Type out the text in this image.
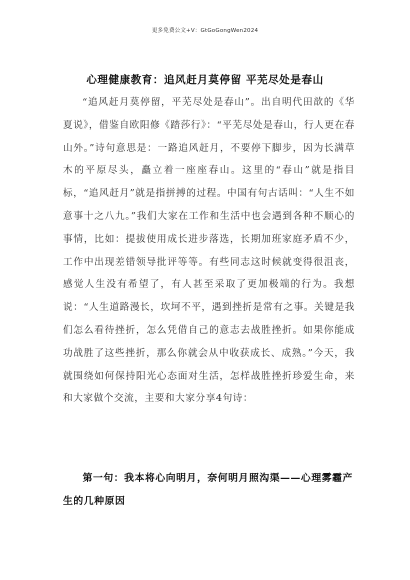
更多免费公文+V：GtGoGongWen2024
心理健康教育：追风赶月莫停留 平芜尽处是春山

“追风赶月莫停留，平芜尽处是春山”。出自明代田歆的《华夏说》，借鉴自欧阳修《踏莎行》：“平芜尽处是春山，行人更在春山外。”诗句意思是：一路追风赶月，不要停下脚步，因为长满草木的平原尽头，矗立着一座座春山。这里的“春山”就是指目标，“追风赶月”就是指拼搏的过程。中国有句古话叫：“人生不如意事十之八九。”我们大家在工作和生活中也会遇到各种不顺心的事情，比如：提拔使用成长进步落选，长期加班家庭矛盾不少，工作中出现差错领导批评等等。有些同志这时候就变得很沮丧，感觉人生没有希望了，有人甚至采取了更加极端的行为。我想说：“人生道路漫长，坎坷不平，遇到挫折是常有之事。关键是我们怎么看待挫折，怎么凭借自己的意志去战胜挫折。如果你能成功战胜了这些挫折，那么你就会从中收获成长、成熟。”今天，我就围绕如何保持阳光心态面对生活，怎样战胜挫折珍爱生命，来和大家做个交流，主要和大家分享4句诗：

第一句：我本将心向明月，奈何明月照沟渠——心理雾霾产生的几种原因
